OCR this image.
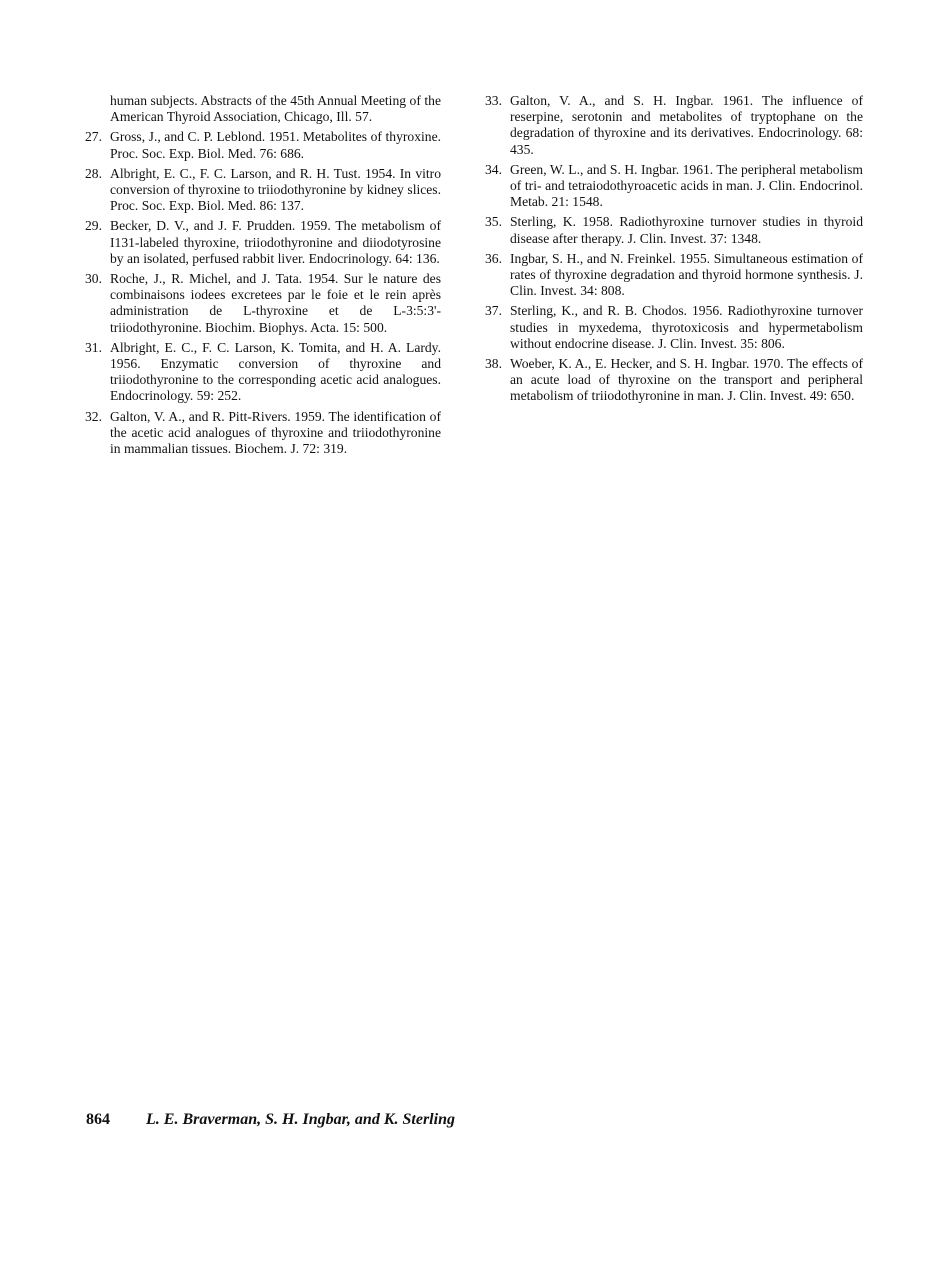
human subjects. Abstracts of the 45th Annual Meeting of the American Thyroid Association, Chicago, Ill. 57.
27. Gross, J., and C. P. Leblond. 1951. Metabolites of thyroxine. Proc. Soc. Exp. Biol. Med. 76: 686.
28. Albright, E. C., F. C. Larson, and R. H. Tust. 1954. In vitro conversion of thyroxine to triiodothyronine by kidney slices. Proc. Soc. Exp. Biol. Med. 86: 137.
29. Becker, D. V., and J. F. Prudden. 1959. The metabolism of I131-labeled thyroxine, triiodothyronine and diiodotyrosine by an isolated, perfused rabbit liver. Endocrinology. 64: 136.
30. Roche, J., R. Michel, and J. Tata. 1954. Sur le nature des combinaisons iodees excretees par le foie et le rein après administration de L-thyroxine et de L-3:5:3'-triiodothyronine. Biochim. Biophys. Acta. 15: 500.
31. Albright, E. C., F. C. Larson, K. Tomita, and H. A. Lardy. 1956. Enzymatic conversion of thyroxine and triiodothyronine to the corresponding acetic acid analogues. Endocrinology. 59: 252.
32. Galton, V. A., and R. Pitt-Rivers. 1959. The identification of the acetic acid analogues of thyroxine and triiodothyronine in mammalian tissues. Biochem. J. 72: 319.
33. Galton, V. A., and S. H. Ingbar. 1961. The influence of reserpine, serotonin and metabolites of tryptophane on the degradation of thyroxine and its derivatives. Endocrinology. 68: 435.
34. Green, W. L., and S. H. Ingbar. 1961. The peripheral metabolism of tri- and tetraiodothyroacetic acids in man. J. Clin. Endocrinol. Metab. 21: 1548.
35. Sterling, K. 1958. Radiothyroxine turnover studies in thyroid disease after therapy. J. Clin. Invest. 37: 1348.
36. Ingbar, S. H., and N. Freinkel. 1955. Simultaneous estimation of rates of thyroxine degradation and thyroid hormone synthesis. J. Clin. Invest. 34: 808.
37. Sterling, K., and R. B. Chodos. 1956. Radiothyroxine turnover studies in myxedema, thyrotoxicosis and hypermetabolism without endocrine disease. J. Clin. Invest. 35: 806.
38. Woeber, K. A., E. Hecker, and S. H. Ingbar. 1970. The effects of an acute load of thyroxine on the transport and peripheral metabolism of triiodothyronine in man. J. Clin. Invest. 49: 650.
864 L. E. Braverman, S. H. Ingbar, and K. Sterling
